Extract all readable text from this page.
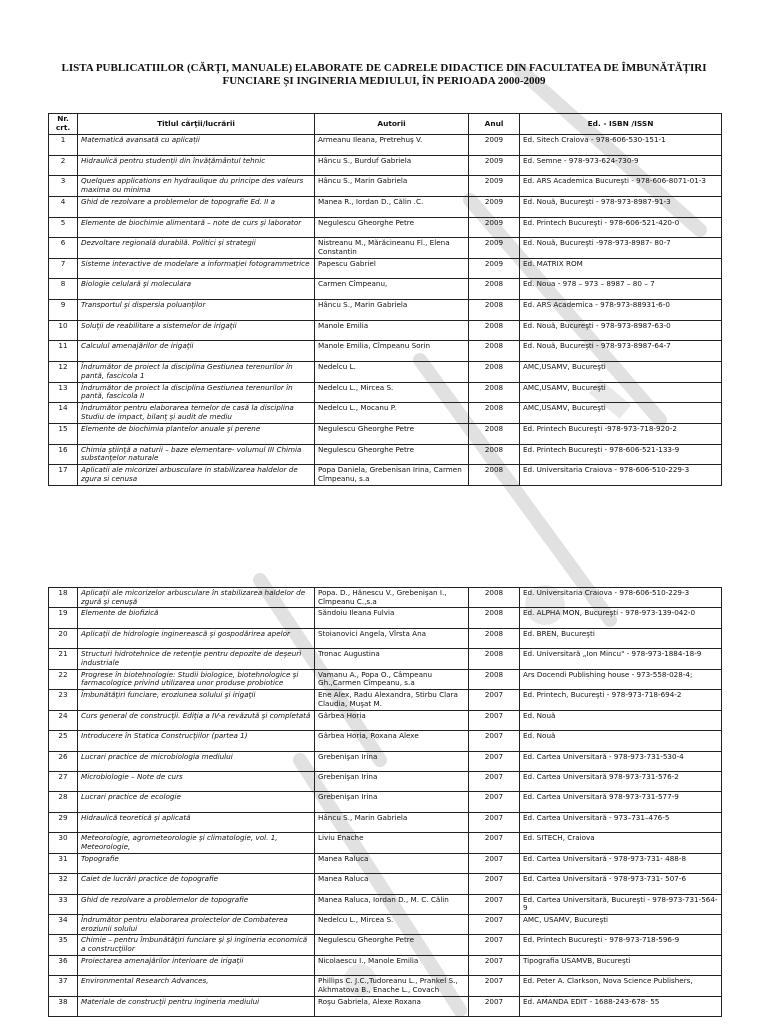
LISTA PUBLICATIILOR (CĂRȚI, MANUALE) ELABORATE DE CADRELE DIDACTICE DIN FACULTATEA DE ÎMBUNĂTĂȚIRI FUNCIARE ȘI INGINERIA MEDIULUI, ÎN PERIOADA 2000-2009
Nr. crt.	Titlul cărţii/lucrării	Autorii	Anul	Ed. - ISBN /ISSN
1	Matematică avansată cu aplicații	Armeanu Ileana, Pretrehuş V.	2009	Ed. Sitech Craiova - 978-606-530-151-1
2	Hidraulică pentru studenții din învățământul tehnic	Hâncu S., Burduf Gabriela	2009	Ed. Semne - 978-973-624-730-9
3	Quelques applications en hydraulique du principe des valeurs maxima ou minima	Hâncu S., Marin Gabriela	2009	Ed. ARS Academica Bucureşti - 978-606-8071-01-3
4	Ghid de rezolvare a problemelor de topografie Ed. II a	Manea R., Iordan D., Călin .C.	2009	Ed. Nouă, Bucureşti - 978-973-8987-91-3
5	Elemente de biochimie alimentară – note de curs şi laborator	Negulescu Gheorghe Petre	2009	Ed. Printech Bucureşti - 978-606-521-420-0
6	Dezvoltare regională durabilă. Politici și strategii	Nistreanu M., Mărăcineanu Fl., Elena Constantin	2009	Ed. Nouă, Bucureşti -978-973-8987- 80-7
7	Sisteme interactive de modelare a informaţiei fotogrammetrice	Papescu Gabriel	2009	Ed. MATRIX ROM
8	Biologie celulară şi moleculara	Carmen Cîmpeanu,	2008	Ed. Noua - 978 – 973 – 8987 – 80 – 7
9	Transportul şi dispersia poluanţilor	Hâncu S., Marin Gabriela	2008	Ed. ARS Academica - 978-973-88931-6-0
10	Soluţii de reabilitare a sistemelor de irigaţii	Manole Emilia	2008	Ed. Nouă, Bucureşti - 978-973-8987-63-0
11	Calculul amenajărilor de irigaţii	Manole Emilia, Cîmpeanu Sorin	2008	Ed. Nouă, Bucureşti - 978-973-8987-64-7
12	Îndrumător de proiect la disciplina Gestiunea terenurilor în pantă, fascicola 1	Nedelcu L.	2008	AMC,USAMV, Bucureşti
13	Îndrumător de proiect la disciplina Gestiunea terenurilor în pantă, fascicola II	Nedelcu L., Mircea S.	2008	AMC,USAMV, Bucureşti
14	Îndrumător pentru elaborarea temelor de casă la disciplina Studiu de impact, bilanţ şi audit de mediu	Nedelcu L., Mocanu P.	2008	AMC,USAMV, Bucureşti
15	Elemente de biochimia plantelor anuale şi perene	Negulescu Gheorghe Petre	2008	Ed. Printech Bucureşti -978-973-718-920-2
16	Chimia ştiinţă a naturii – baze elementare- volumul III Chimia substanţelor naturale	Negulescu Gheorghe Petre	2008	Ed. Printech Bucureşti - 978-606-521-133-9
17	Aplicatii ale micorizei arbusculare in stabilizarea haldelor de zgura si cenusa	Popa Daniela, Grebenisan Irina, Carmen Cîmpeanu, s.a	2008	Ed. Universitaria Craiova - 978-606-510-229-3
18	Aplicaţii ale micorizelor arbusculare în stabilizarea haldelor de zgură şi cenuşă	Popa. D., Hănescu V., Grebenişan I., Cîmpeanu C.,s.a	2008	Ed. Universitaria Craiova - 978-606-510-229-3
19	Elemente de biofizică	Săndoiu Ileana Fulvia	2008	Ed. ALPHA MON, Bucureşti - 978-973-139-042-0
20	Aplicaţii de hidrologie inginerească şi gospodărirea apelor	Stoianovici Angela, Vîrsta Ana	2008	Ed. BREN, Bucureşti
21	Structuri hidrotehnice de retenţie pentru depozite de deşeuri industriale	Tronac Augustina	2008	Ed. Universitară „Ion Mincu" - 978-973-1884-18-9
22	Progrese în biotehnologie: Studii biologice, biotehnologice şi farmacologice privind utilizarea unor produse probiotice	Vamanu A., Popa O., Câmpeanu Gh.,Carmen Cîmpeanu, s.a	2008	Ars Docendi Publishing house - 973-558-028-4;
23	Îmbunătăţiri funciare, eroziunea solului şi irigaţii	Ene Alex, Radu Alexandra, Stirbu Clara Claudia, Muşat M.	2007	Ed. Printech, Bucureşti - 978-973-718-694-2
24	Curs general de construcţii. Ediţia a IV-a revăzută şi completată	Gârbea Horia	2007	Ed. Nouă
25	Introducere în Statica Construcţiilor (partea 1)	Gârbea Horia, Roxana Alexe	2007	Ed. Nouă
26	Lucrari practice de microbiologia mediului	Grebenişan Irina	2007	Ed. Cartea Universitară - 978-973-731-530-4
27	Microbiologie – Note de curs	Grebenişan Irina	2007	Ed. Cartea Universitară 978-973-731-576-2
28	Lucrari practice de ecologie	Grebenişan Irina	2007	Ed. Cartea Universitară 978-973-731-577-9
29	Hidraulică teoretică şi aplicată	Hâncu S., Marin Gabriela	2007	Ed. Cartea Universitară - 973–731–476-5
30	Meteorologie, agrometeorologie şi climatologie, vol. 1, Meteorologie,	Liviu Enache	2007	Ed. SITECH, Craiova
31	Topografie	Manea Raluca	2007	Ed. Cartea Universitară - 978-973-731- 488-8
32	Caiet de lucrări practice de topografie	Manea Raluca	2007	Ed. Cartea Universitară - 978-973-731- 507-6
33	Ghid de rezolvare a problemelor de topografie	Manea Raluca, Iordan D., M. C. Călin	2007	Ed. Cartea Universitară, Bucureşti - 978-973-731-564-9
34	Îndrumător pentru elaborarea proiectelor de Combaterea eroziunii solului	Nedelcu L., Mircea S.	2007	AMC, USAMV, Bucureşti
35	Chimie – pentru îmbunătăţiri funciare şi şi ingineria economică a construcţiilor	Negulescu Gheorghe Petre	2007	Ed. Printech Bucureşti - 978-973-718-596-9
36	Proiectarea amenajărilor interioare de irigaţii	Nicolaescu I., Manole Emilia	2007	Tipografia USAMVB, Bucureşti
37	Environmental Research Advances,	Phillips C. J.C.,Tudoreanu L., Prankel S., Akhmatova B., Enache L., Covach	2007	Ed. Peter A. Clarkson, Nova Science Publishers,
38	Materiale de construcţii pentru ingineria mediului	Roşu Gabriela, Alexe Roxana	2007	Ed. AMANDA EDIT - 1688-243-678- 55
